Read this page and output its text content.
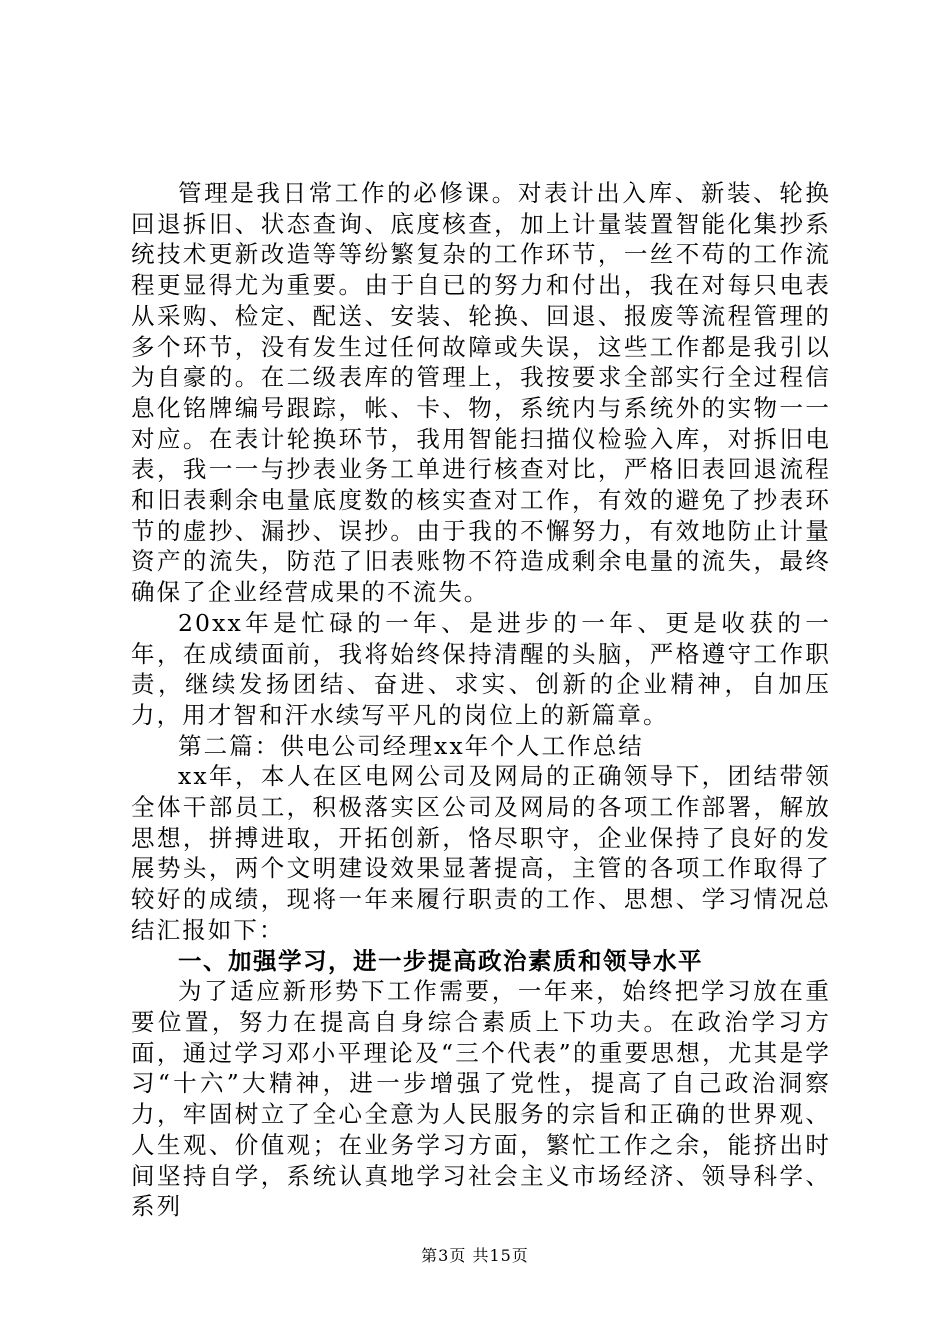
管理是我日常工作的必修课。对表计出入库、新装、轮换回退拆旧、状态查询、底度核查，加上计量装置智能化集抄系统技术更新改造等等纷繁复杂的工作环节，一丝不苟的工作流程更显得尤为重要。由于自已的努力和付出，我在对每只电表从采购、检定、配送、安装、轮换、回退、报废等流程管理的多个环节，没有发生过任何故障或失误，这些工作都是我引以为自豪的。在二级表库的管理上，我按要求全部实行全过程信息化铭牌编号跟踪，帐、卡、物，系统内与系统外的实物一一对应。在表计轮换环节，我用智能扫描仪检验入库，对拆旧电表，我一一与抄表业务工单进行核查对比，严格旧表回退流程和旧表剩余电量底度数的核实查对工作，有效的避免了抄表环节的虚抄、漏抄、误抄。由于我的不懈努力，有效地防止计量资产的流失，防范了旧表账物不符造成剩余电量的流失，最终确保了企业经营成果的不流失。

20xx年是忙碌的一年、是进步的一年、更是收获的一年，在成绩面前，我将始终保持清醒的头脑，严格遵守工作职责，继续发扬团结、奋进、求实、创新的企业精神，自加压力，用才智和汗水续写平凡的岗位上的新篇章。

第二篇：供电公司经理xx年个人工作总结

xx年，本人在区电网公司及网局的正确领导下，团结带领全体干部员工，积极落实区公司及网局的各项工作部署，解放思想，拼搏进取，开拓创新，恪尽职守，企业保持了良好的发展势头，两个文明建设效果显著提高，主管的各项工作取得了较好的成绩，现将一年来履行职责的工作、思想、学习情况总结汇报如下：

一、加强学习，进一步提高政治素质和领导水平

为了适应新形势下工作需要，一年来，始终把学习放在重要位置，努力在提高自身综合素质上下功夫。在政治学习方面，通过学习邓小平理论及“三个代表”的重要思想，尤其是学习“十六”大精神，进一步增强了党性，提高了自己政治洞察力，牢固树立了全心全意为人民服务的宗旨和正确的世界观、人生观、价值观；在业务学习方面，繁忙工作之余，能挤出时间坚持自学，系统认真地学习社会主义市场经济、领导科学、系列

第3页 共15页
